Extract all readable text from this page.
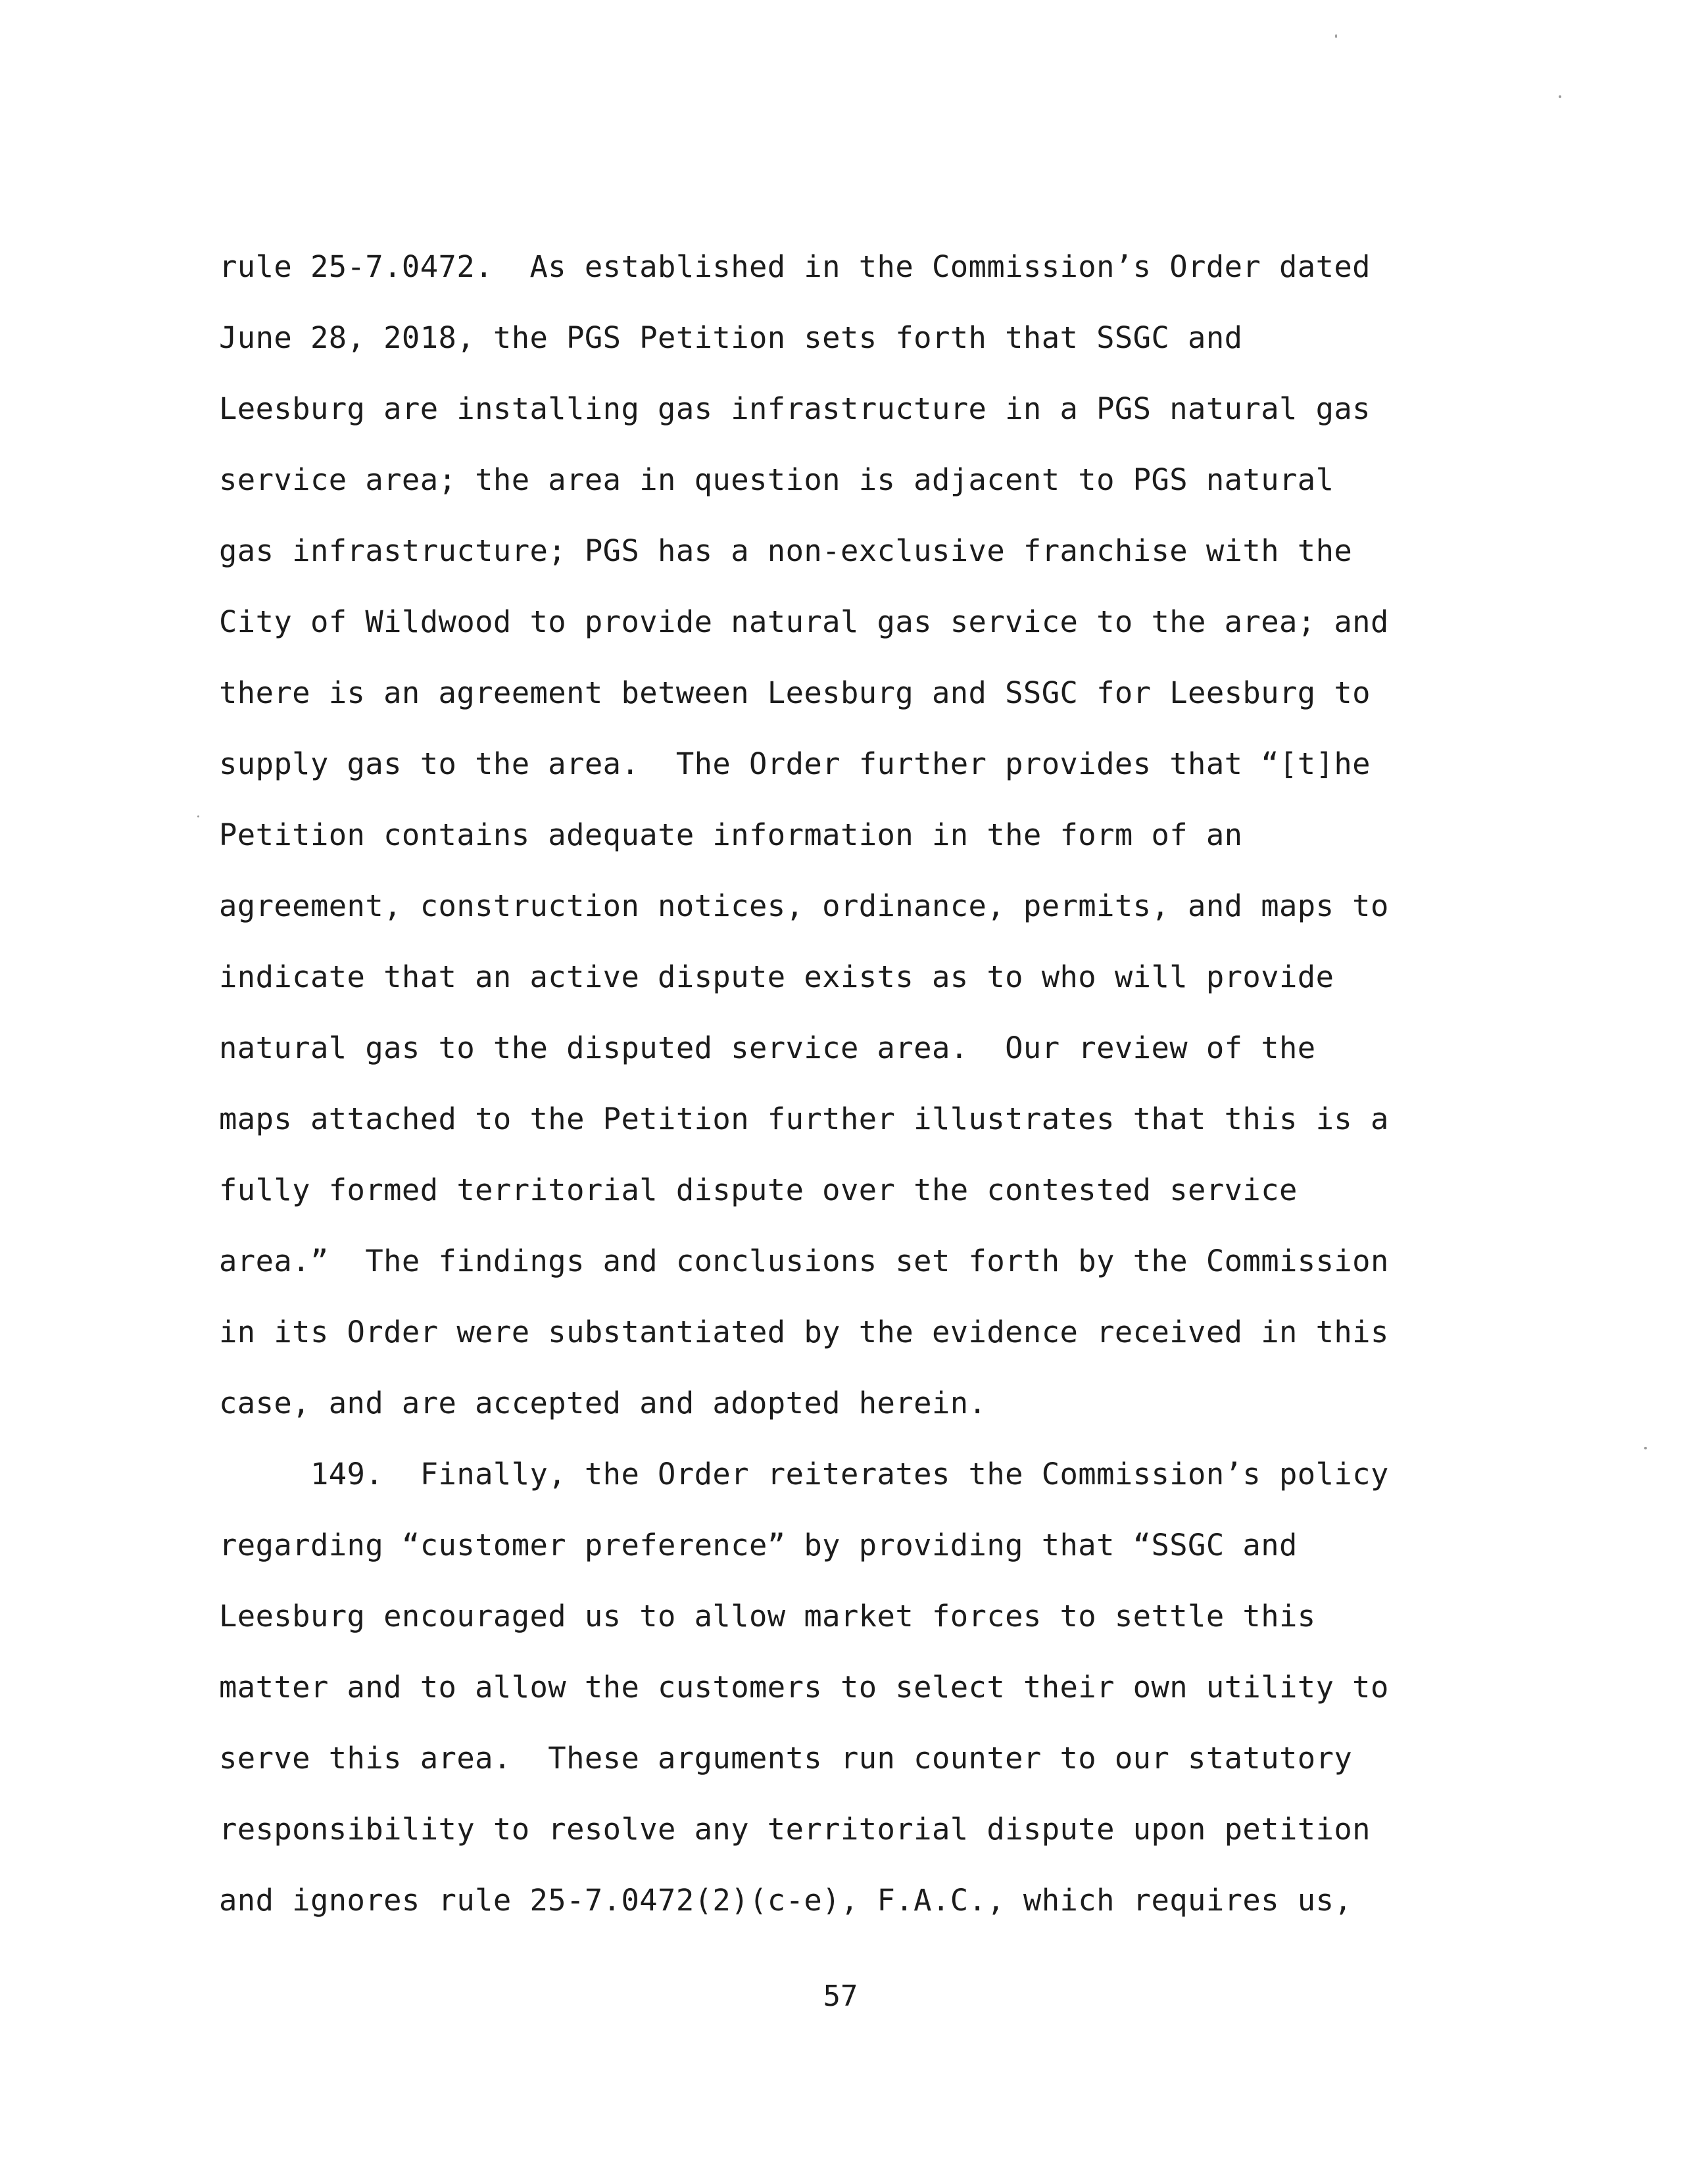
rule 25-7.0472.  As established in the Commission’s Order dated
June 28, 2018, the PGS Petition sets forth that SSGC and
Leesburg are installing gas infrastructure in a PGS natural gas
service area; the area in question is adjacent to PGS natural
gas infrastructure; PGS has a non-exclusive franchise with the
City of Wildwood to provide natural gas service to the area; and
there is an agreement between Leesburg and SSGC for Leesburg to
supply gas to the area.  The Order further provides that “[t]he
Petition contains adequate information in the form of an
agreement, construction notices, ordinance, permits, and maps to
indicate that an active dispute exists as to who will provide
natural gas to the disputed service area.  Our review of the
maps attached to the Petition further illustrates that this is a
fully formed territorial dispute over the contested service
area.”  The findings and conclusions set forth by the Commission
in its Order were substantiated by the evidence received in this
case, and are accepted and adopted herein.
149.  Finally, the Order reiterates the Commission’s policy
regarding “customer preference” by providing that “SSGC and
Leesburg encouraged us to allow market forces to settle this
matter and to allow the customers to select their own utility to
serve this area.  These arguments run counter to our statutory
responsibility to resolve any territorial dispute upon petition
and ignores rule 25-7.0472(2)(c-e), F.A.C., which requires us,
57
